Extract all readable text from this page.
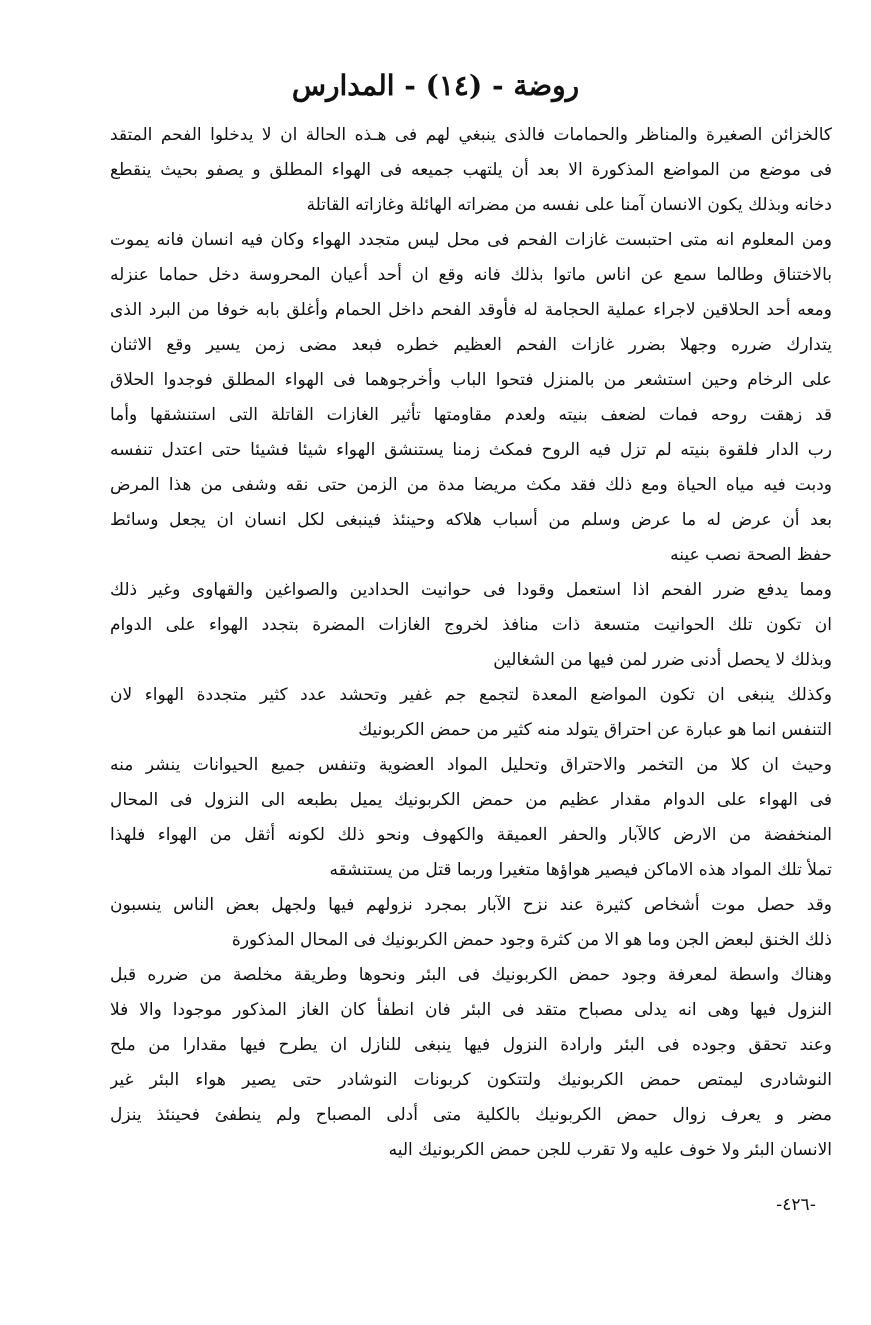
روضة - (١٤) - المدارس
كالخزائن الصغيرة والمناظر والحمامات فالذى ينبغي لهم فى هـذه الحالة ان لا يدخلوا الفحم المتقد
فى موضع من المواضع المذكورة الا بعد أن يلتهب جميعه فى الهواء المطلق و يصفو بحيث ينقطع
دخانه وبذلك يكون الانسان آمنا على نفسه من مضراته الهائلة وغازاته القاتلة
ومن المعلوم انه متى احتبست غازات الفحم فى محل ليس متجدد الهواء وكان فيه انسان فانه يموت
بالاختناق وطالما سمع عن اناس ماتوا بذلك فانه وقع ان أحد أعيان المحروسة دخل حماما عنزله
ومعه أحد الحلاقين لاجراء عملية الحجامة له فأوقد الفحم داخل الحمام وأغلق بابه خوفا من البرد الذى
يتدارك ضرره وجهلا بضرر غازات الفحم العظيم خطره فبعد مضى زمن يسير وقع الاثنان
على الرخام وحين استشعر من بالمنزل فتحوا الباب وأخرجوهما فى الهواء المطلق فوجدوا الحلاق
قد زهقت روحه فمات لضعف بنيته ولعدم مقاومتها تأثير الغازات القاتلة التى استنشقها وأما
رب الدار فلقوة بنيته لم تزل فيه الروح فمكث زمنا يستنشق الهواء شيئا فشيئا حتى اعتدل تنفسه
ودبت فيه مياه الحياة ومع ذلك فقد مكث مريضا مدة من الزمن حتى نقه وشفى من هذا المرض
بعد أن عرض له ما عرض وسلم من أسباب هلاكه وحينئذ فينبغى لكل انسان ان يجعل وسائط
حفظ الصحة نصب عينه
ومما يدفع ضرر الفحم اذا استعمل وقودا فى حوانيت الحدادين والصواغين والقهاوى وغير ذلك
ان تكون تلك الحوانيت متسعة ذات منافذ لخروج الغازات المضرة بتجدد الهواء على الدوام
وبذلك لا يحصل أدنى ضرر لمن فيها من الشغالين
وكذلك ينبغى ان تكون المواضع المعدة لتجمع جم غفير وتحشد عدد كثير متجددة الهواء لان
التنفس انما هو عبارة عن احتراق يتولد منه كثير من حمض الكربونيك
وحيث ان كلا من التخمر والاحتراق وتحليل المواد العضوية وتنفس جميع الحيوانات ينشر منه
فى الهواء على الدوام مقدار عظيم من حمض الكربونيك يميل بطبعه الى النزول فى المحال
المنخفضة من الارض كالآبار والحفر العميقة والكهوف ونحو ذلك لكونه أثقل من الهواء فلهذا
تملأ تلك المواد هذه الاماكن فيصير هواؤها متغيرا وربما قتل من يستنشقه
وقد حصل موت أشخاص كثيرة عند نزح الآبار بمجرد نزولهم فيها ولجهل بعض الناس ينسبون
ذلك الخنق لبعض الجن وما هو الا من كثرة وجود حمض الكربونيك فى المحال المذكورة
وهناك واسطة لمعرفة وجود حمض الكربونيك فى البئر ونحوها وطريقة مخلصة من ضرره قبل
النزول فيها وهى انه يدلى مصباح متقد فى البئر فان انطفأ كان الغاز المذكور موجودا والا فلا
وعند تحقق وجوده فى البئر وارادة النزول فيها ينبغى للنازل ان يطرح فيها مقدارا من ملح
النوشادرى ليمتص حمض الكربونيك ولتتكون كربونات النوشادر حتى يصير هواء البئر غير
مضر و يعرف زوال حمض الكربونيك بالكلية متى أدلى المصباح ولم ينطفئ فحينئذ ينزل
الانسان البئر ولا خوف عليه ولا تقرب للجن حمض الكربونيك اليه
-٤٢٦-
